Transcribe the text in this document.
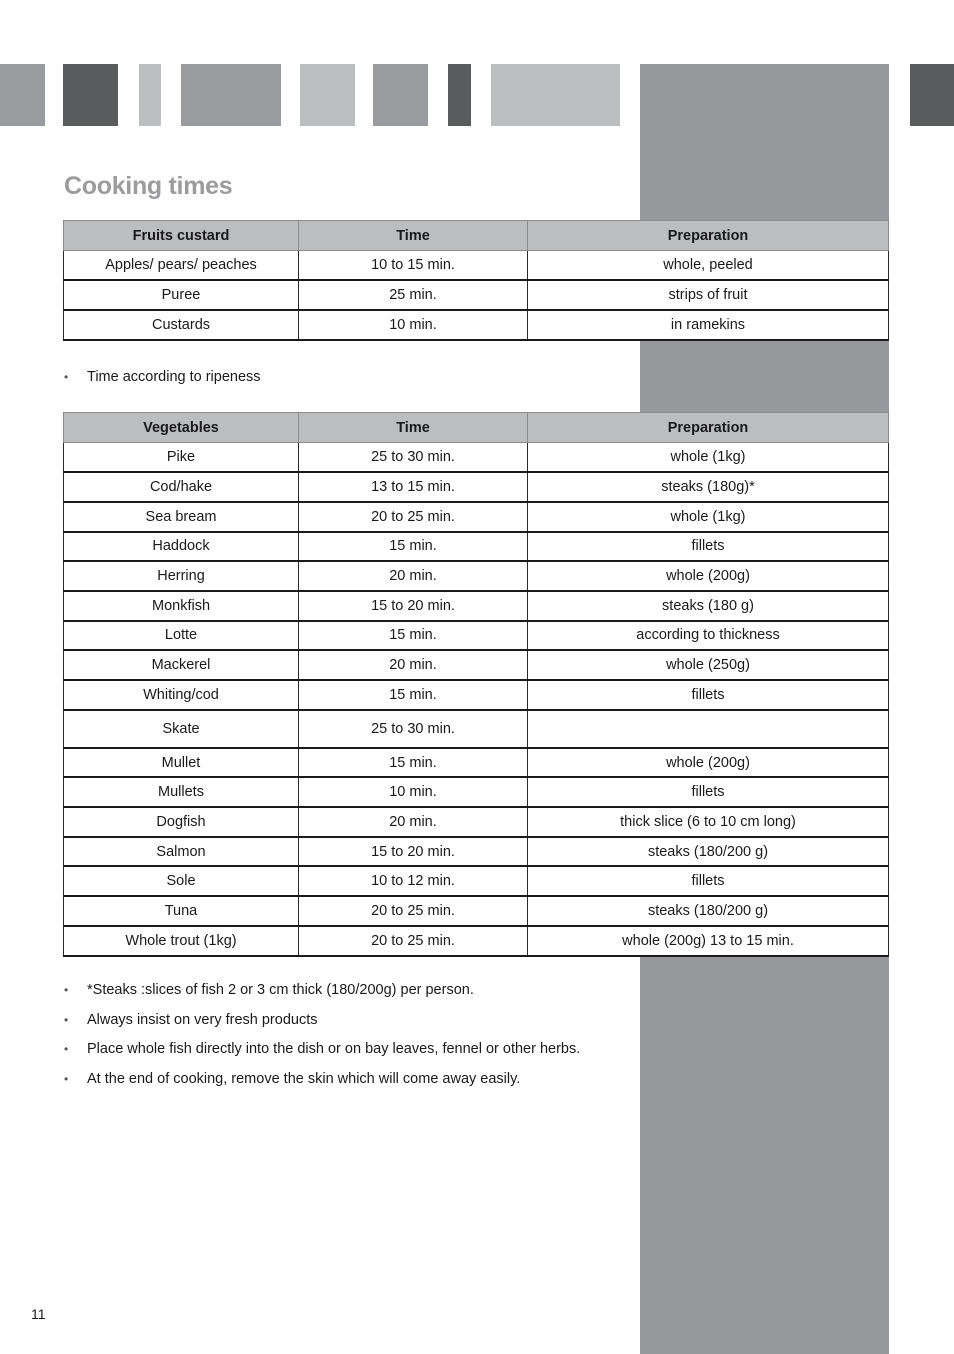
Cooking times
Fruits custard	Time	Preparation
Apples/ pears/ peaches	10 to 15 min.	whole, peeled
Puree	25 min.	strips of fruit
Custards	10 min.	in ramekins
• Time according to ripeness
Vegetables	Time	Preparation
Pike	25 to 30 min.	whole (1kg)
Cod/hake	13 to 15 min.	steaks (180g)*
Sea bream	20 to 25 min.	whole (1kg)
Haddock	15 min.	fillets
Herring	20 min.	whole (200g)
Monkfish	15 to 20 min.	steaks (180 g)
Lotte	15 min.	according to thickness
Mackerel	20 min.	whole (250g)
Whiting/cod	15 min.	fillets
Skate	25 to 30 min.	
Mullet	15 min.	whole (200g)
Mullets	10 min.	fillets
Dogfish	20 min.	thick slice (6 to 10 cm long)
Salmon	15 to 20 min.	steaks (180/200 g)
Sole	10 to 12 min.	fillets
Tuna	20 to 25 min.	steaks (180/200 g)
Whole trout (1kg)	20 to 25 min.	whole (200g) 13 to 15 min.
• *Steaks :slices of fish 2 or 3 cm thick (180/200g) per person.
• Always insist on very fresh products
• Place whole fish directly into the dish or on bay leaves, fennel or other herbs.
• At the end of cooking, remove the skin which will come away easily.
11
